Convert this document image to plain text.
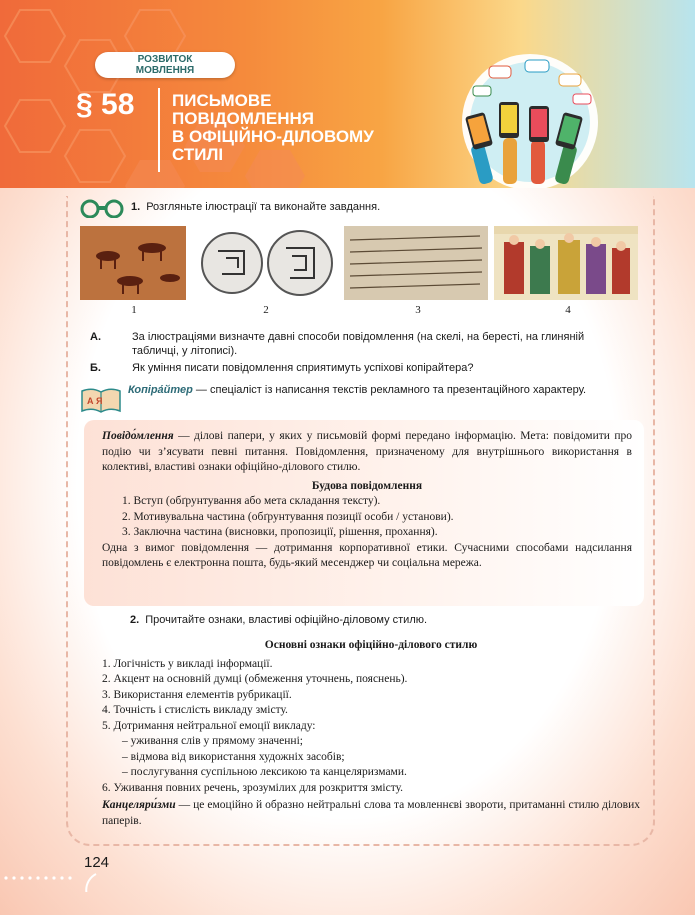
РОЗВИТОК
МОВЛЕННЯ
§ 58 ПИСЬМОВЕ
ПОВІДОМЛЕННЯ
В ОФІЦІЙНО-ДІЛОВОМУ
СТИЛІ
1. Розгляньте ілюстрації та виконайте завдання.
1	2	3	4
А.	За ілюстраціями визначте давні способи повідомлення (на скелі, на бересті, на глиняній табличці, у літописі).
Б.	Як уміння писати повідомлення сприятимуть успіхові копірайтера?
А Я
Копіра́йтер — спеціаліст із написання текстів рекламного та презентаційного характеру.

Повідо́млення — ділові папери, у яких у письмовій формі передано інформацію. Мета: повідомити про подію чи з’ясувати певні питання. Повідомлення, призначеному для внутрішнього використання в колективі, властиві ознаки офіційно-ділового стилю.

Будова повідомлення

1. Вступ (обґрунтування або мета складання тексту).

2. Мотивувальна частина (обґрунтування позиції особи / установи).

3. Заключна частина (висновки, пропозиції, рішення, прохання).

Одна з вимог повідомлення — дотримання корпоративної етики. Сучасними способами надсилання повідомлень є електронна пошта, будь-який месенджер чи соціальна мережа.

2. Прочитайте ознаки, властиві офіційно-діловому стилю.

Основні ознаки офіційно-ділового стилю

1. Логічність у викладі інформації.

2. Акцент на основній думці (обмеження уточнень, пояснень).

3. Використання елементів рубрикації.

4. Точність і стислість викладу змісту.

5. Дотримання нейтральної емоції викладу:

– уживання слів у прямому значенні;

– відмова від використання художніх засобів;

– послугування суспільною лексикою та канцеляризмами.

6. Уживання повних речень, зрозумілих для розкриття змісту.

Канцеляри́зми — це емоційно й образно нейтральні слова та мовленнєві звороти, притаманні стилю ділових паперів.

124
